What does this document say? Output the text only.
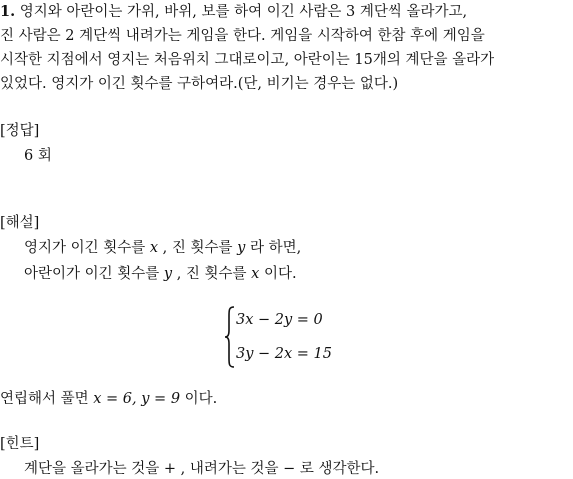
1. 영지와 아란이는 가위, 바위, 보를 하여 이긴 사람은 3 계단씩 올라가고,
진 사람은 2 계단씩 내려가는 게임을 한다. 게임을 시작하여 한참 후에 게임을
시작한 지점에서 영지는 처음위치 그대로이고, 아란이는 15개의 계단을 올라가
있었다. 영지가 이긴 횟수를 구하여라.(단, 비기는 경우는 없다.)
[정답]
6 회
[해설]
영지가 이긴 횟수를 x , 진 횟수를 y 라 하면,
아란이가 이긴 횟수를 y , 진 횟수를 x 이다.
3x − 2y = 0
3y − 2x = 15
연립해서 풀면 x = 6, y = 9 이다.
[힌트]
계단을 올라가는 것을 + , 내려가는 것을 − 로 생각한다.
